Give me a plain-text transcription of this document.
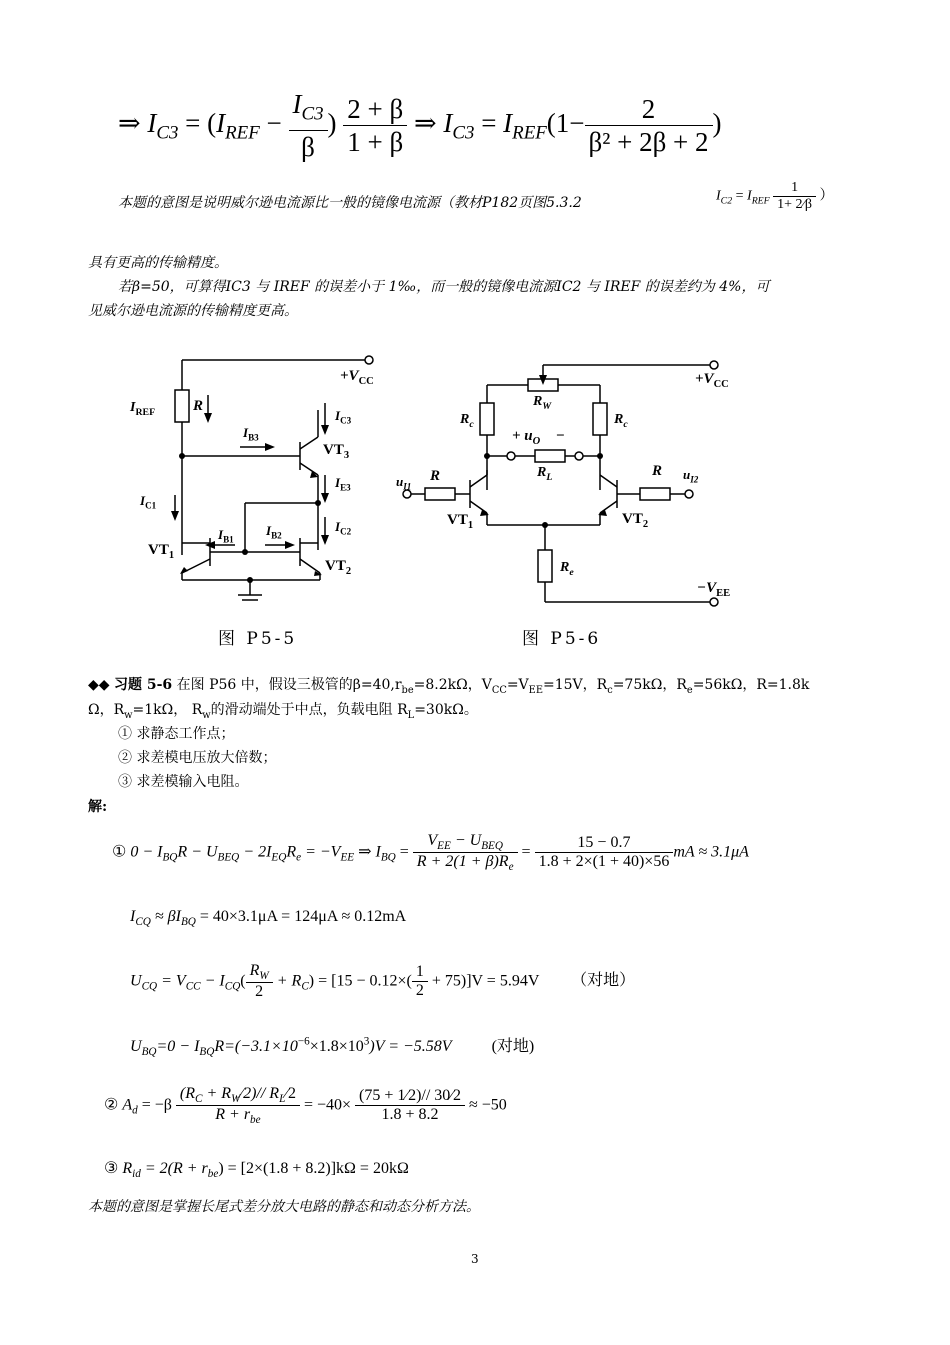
⇒ $I_{C3} = (I_{REF} - \frac{I_{C3}}{\beta}$ ) $\frac{2 + \beta}{1 + \beta}$ ⇒ $I_{C3} = I_{REF}(1- \frac{2}{\text{β² + 2β + 2}}$ )
本题的意图是说明威尔逊电流源比一般的镜像电流源（教材P182页图5.3.2	$I_{C2} = I_{REF} \frac{1}{1+ 2⁄\beta}$ ）
具有更高的传输精度。
若β=50，可算得IC3 与 IREF 的误差小于 1‰，而一般的镜像电流源IC2 与 IREF 的误差约为 4%，可
见威尔逊电流源的传输精度更高。
$+V_{CC}$
$I_{REF}$	R
$I_{C3}$
$I_{B3}$
$VT_3$
$I_{E3}$
$I_{C1}$
$I_{B1}$
$I_{B2}$
$I_{C2}$
$VT_1$
$VT_2$
图 P5-5
$+V_{CC}$
$R_W$
$R_c$	$R_c$
+ $u_O$ −
$R_L$
$u_{I1}$
R	R $u_{I2}$
$VT_1$	$VT_2$
$R_e$
$-V_{EE}$
图 P5-6
◆◆ 习题 5-6 在图 P56 中，假设三极管的$\beta=40,r_{be}=8.2k\Omega$，$V_{CC}=V_{EE}=15V$，$R_c=75k\Omega$，$R_e=56k\Omega$，R=1.8k
Ω，$R_w=1k\Omega$， $R_w$的滑动端处于中点，负载电阻 $R_L=30k\Omega$。
① 求静态工作点；
② 求差模电压放大倍数；
③ 求差模输入电阻。
解:
① $0 - I_{BQ}R - U_{BEQ} - 2I_{EQ}R_e = -V_{EE}$ ⇒ $I_{BQ} = \frac{V_{EE} - U_{BEQ}}{R + 2(1 + \beta)R_e} = \frac{15 - 0.7}{1.8 + 2\times(1 + 40)\times 56}$ mA ≈ 3.1μA
$I_{CQ} \approx \beta I_{BQ} = 40\times 3.1\mu A = 124\mu A \approx 0.12mA$
$U_{CQ} = V_{CC} - I_{CQ}( \frac{R_W}{2} + R_C) = [15 - 0.12\times( \frac{1}{2} + 75)]V = 5.94V$ （对地）
$U_{BQ}=0 - I_{BQ}R=(-3.1\times 10^{-6}\times 1.8\times 10^3)V = -5.58V$	(对地)
② $A_d = -\beta \frac{(R_C + R_W⁄2)// R_L⁄2}{R + r_{be}} = -40\times \frac{(75 + 1⁄2)// 30⁄2}{1.8 + 8.2} \approx -50$
③ $R_{id} = 2(R + r_{be}) = [2\times(1.8 + 8.2)]k\Omega = 20k\Omega$
本题的意图是掌握长尾式差分放大电路的静态和动态分析方法。
3
